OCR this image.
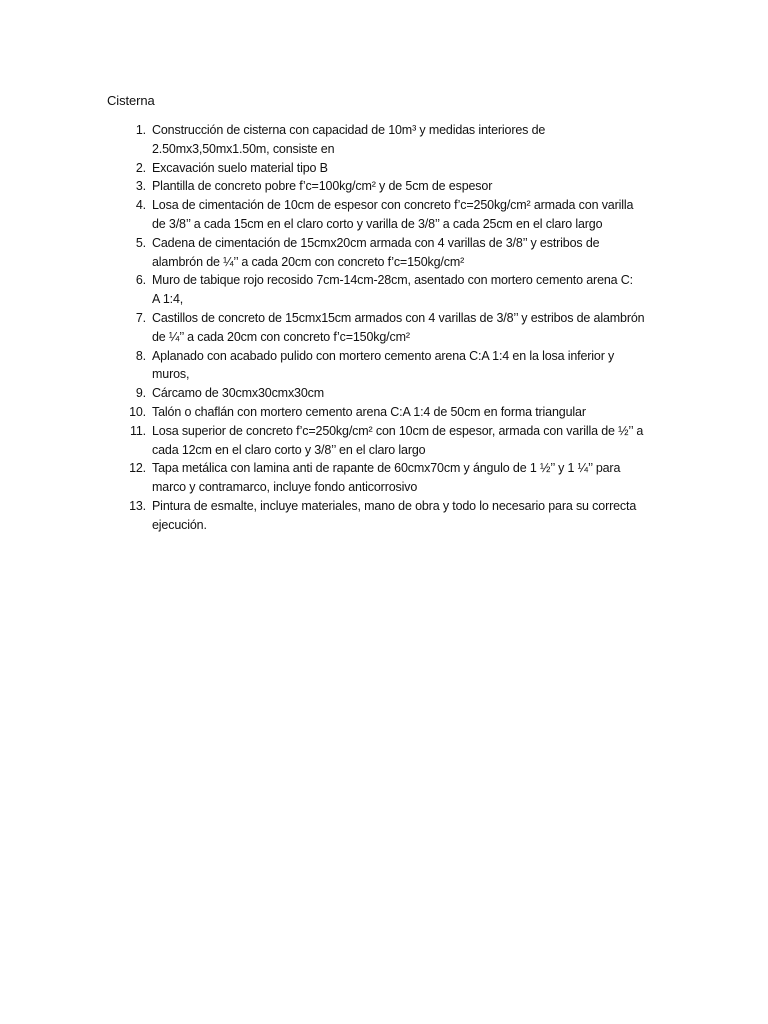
Cisterna
1. Construcción de cisterna con capacidad de 10m³ y medidas interiores de
2.50mx3,50mx1.50m, consiste en
2. Excavación suelo material tipo B
3. Plantilla de concreto pobre f’c=100kg/cm² y de 5cm de espesor
4. Losa de cimentación de 10cm de espesor con concreto f’c=250kg/cm² armada con varilla
de 3/8’’ a cada 15cm en el claro corto y varilla de 3/8’’ a cada 25cm en el claro largo
5. Cadena de cimentación de 15cmx20cm armada con 4 varillas de 3/8’’ y estribos de
alambrón de ¼’’ a cada 20cm con concreto f’c=150kg/cm²
6. Muro de tabique rojo recosido 7cm-14cm-28cm, asentado con mortero cemento arena C:
A 1:4,
7. Castillos de concreto de 15cmx15cm armados con 4 varillas de 3/8’’ y estribos de alambrón
de ¼’’ a cada 20cm con concreto f’c=150kg/cm²
8. Aplanado con acabado pulido con mortero cemento arena C:A 1:4 en la losa inferior y
muros,
9. Cárcamo de 30cmx30cmx30cm
10. Talón o chaflán con mortero cemento arena C:A 1:4 de 50cm en forma triangular
11. Losa superior de concreto f’c=250kg/cm² con 10cm de espesor, armada con varilla de ½’’ a
cada 12cm en el claro corto y 3/8’’ en el claro largo
12. Tapa metálica con lamina anti de rapante de 60cmx70cm y ángulo de 1 ½’’ y 1 ¼’’ para
marco y contramarco, incluye fondo anticorrosivo
13. Pintura de esmalte, incluye materiales, mano de obra y todo lo necesario para su correcta
ejecución.
